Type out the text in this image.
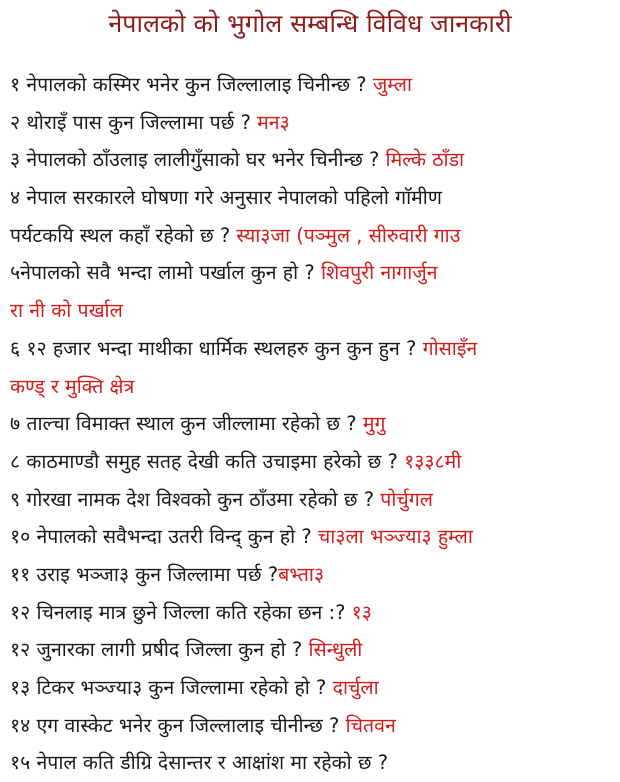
नेपालको को भुगोल सम्बन्धि विविध जानकारी
१ नेपालको कस्मिर भनेर कुन जिल्लालाइ चिनीन्छ ? जुम्ला
२ थोराइँ पास कुन जिल्लामा पर्छ ? मन३
३ नेपालको ठाँउलाइ लालीगुँसाको घर भनेर चिनीन्छ ? मिल्के ठाँडा
४ नेपाल सरकारले घोषणा गरे अनुसार नेपालको पहिलो गाॅमीण
पर्यटकयि स्थल कहाँ रहेको छ ? स्या३जा (पञ्मुल , सीरुवारी गाउ
५नेपालको सवै भन्दा लामो पर्खाल कुन हो ? शिवपुरी नागार्जुन
रा नी को पर्खाल
६ १२ हजार भन्दा माथीका धार्मिक स्थलहरु कुन कुन हुन ? गोसाइँन
कण्ड् र मुक्ति क्षेत्र
७ ताल्चा विमाक्त स्थाल कुन जील्लामा रहेको छ ? मुगु
८ काठमाण्डौ समुह सतह देखी कति उचाइमा हरेको छ ? १३३८मी
९ गोरखा नामक देश विश्वको कुन ठाँउमा रहेको छ ? पोर्चुगल
१० नेपालको सवैभन्दा उतरी विन्द् कुन हो ? चा३ला भञ्ज्या३ हुम्ला
११ उराइ भञ्जा३ कुन जिल्लामा पर्छ ?बभ्ता३
१२ चिनलाइ मात्र छुने जिल्ला कति रहेका छन :? १३
१२ जुनारका लागी प्रषीद जिल्ला कुन हो ? सिन्धुली
१३ टिकर भञ्ज्या३ कुन जिल्लामा रहेको हो ? दार्चुला
१४ एग वास्केट भनेर कुन जिल्लालाइ चीनीन्छ ? चितवन
१५ नेपाल कति डीग्रि देसान्तर र आक्षांश मा रहेको छ ?
